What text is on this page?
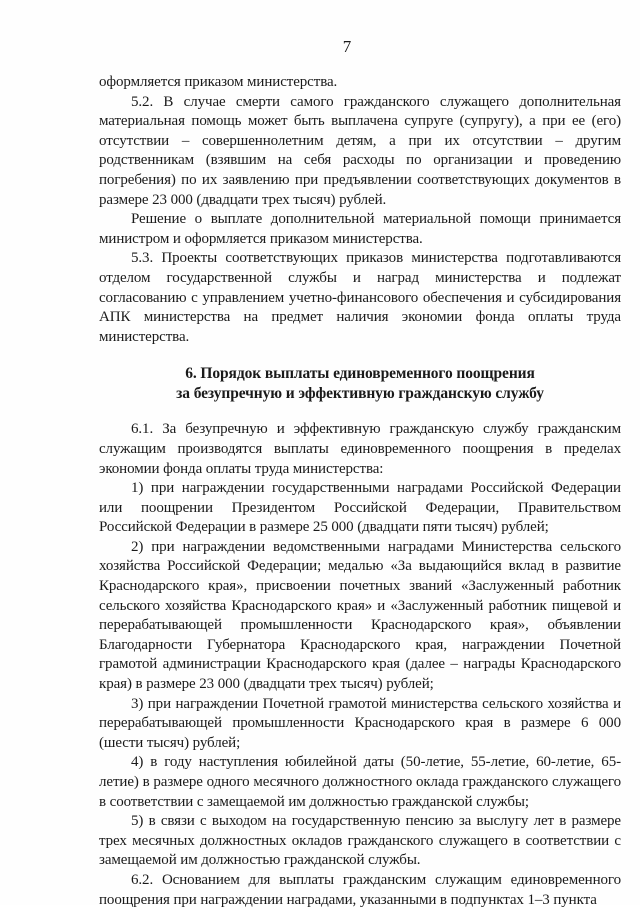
7

оформляется приказом министерства.

5.2. В случае смерти самого гражданского служащего дополнительная материальная помощь может быть выплачена супруге (супругу), а при ее (его) отсутствии – совершеннолетним детям, а при их отсутствии – другим родственникам (взявшим на себя расходы по организации и проведению погребения) по их заявлению при предъявлении соответствующих документов в размере 23 000 (двадцати трех тысяч) рублей.

Решение о выплате дополнительной материальной помощи принимается министром и оформляется приказом министерства.

5.3. Проекты соответствующих приказов министерства подготавливаются отделом государственной службы и наград министерства и подлежат согласованию с управлением учетно-финансового обеспечения и субсидирования АПК министерства на предмет наличия экономии фонда оплаты труда министерства.

6. Порядок выплаты единовременного поощрения
за безупречную и эффективную гражданскую службу

6.1. За безупречную и эффективную гражданскую службу гражданским служащим производятся выплаты единовременного поощрения в пределах экономии фонда оплаты труда министерства:

1) при награждении государственными наградами Российской Федерации или поощрении Президентом Российской Федерации, Правительством Российской Федерации в размере 25 000 (двадцати пяти тысяч) рублей;

2) при награждении ведомственными наградами Министерства сельского хозяйства Российской Федерации; медалью «За выдающийся вклад в развитие Краснодарского края», присвоении почетных званий «Заслуженный работник сельского хозяйства Краснодарского края» и «Заслуженный работник пищевой и перерабатывающей промышленности Краснодарского края», объявлении Благодарности Губернатора Краснодарского края, награждении Почетной грамотой администрации Краснодарского края (далее – награды Краснодарского края) в размере 23 000 (двадцати трех тысяч) рублей;

3) при награждении Почетной грамотой министерства сельского хозяйства и перерабатывающей промышленности Краснодарского края в размере 6 000 (шести тысяч) рублей;

4) в году наступления юбилейной даты (50-летие, 55-летие, 60-летие, 65-летие) в размере одного месячного должностного оклада гражданского служащего в соответствии с замещаемой им должностью гражданской службы;

5) в связи с выходом на государственную пенсию за выслугу лет в размере трех месячных должностных окладов гражданского служащего в соответствии с замещаемой им должностью гражданской службы.

6.2. Основанием для выплаты гражданским служащим единовременного поощрения при награждении наградами, указанными в подпунктах 1–3 пункта
